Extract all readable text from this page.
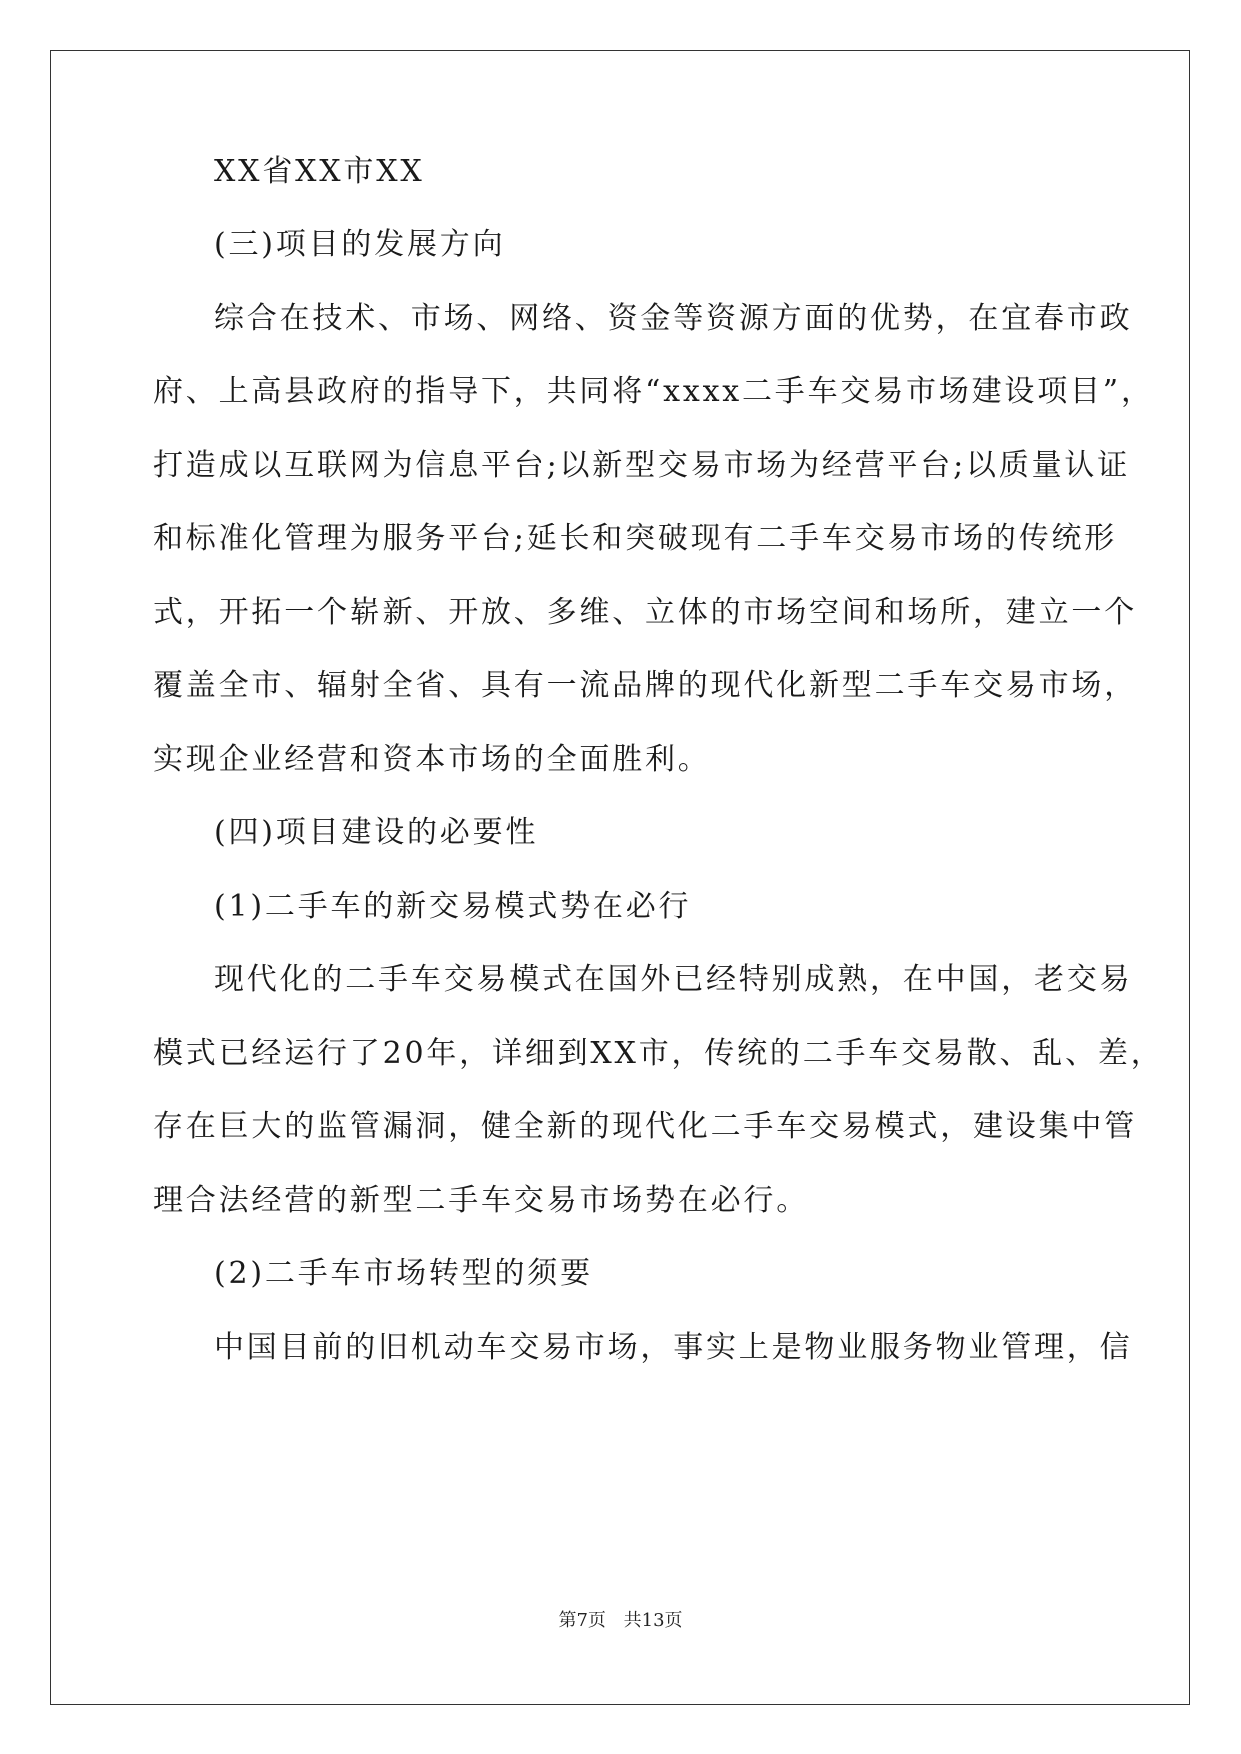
XX省XX市XX
(三)项目的发展方向
综合在技术、市场、网络、资金等资源方面的优势，在宜春市政
府、上高县政府的指导下，共同将“xxxx二手车交易市场建设项目”，
打造成以互联网为信息平台;以新型交易市场为经营平台;以质量认证
和标准化管理为服务平台;延长和突破现有二手车交易市场的传统形
式，开拓一个崭新、开放、多维、立体的市场空间和场所，建立一个
覆盖全市、辐射全省、具有一流品牌的现代化新型二手车交易市场，
实现企业经营和资本市场的全面胜利。
(四)项目建设的必要性
(1)二手车的新交易模式势在必行
现代化的二手车交易模式在国外已经特别成熟，在中国，老交易
模式已经运行了20年，详细到XX市，传统的二手车交易散、乱、差，
存在巨大的监管漏洞，健全新的现代化二手车交易模式，建设集中管
理合法经营的新型二手车交易市场势在必行。
(2)二手车市场转型的须要
中国目前的旧机动车交易市场，事实上是物业服务物业管理，信
第7页 共13页
